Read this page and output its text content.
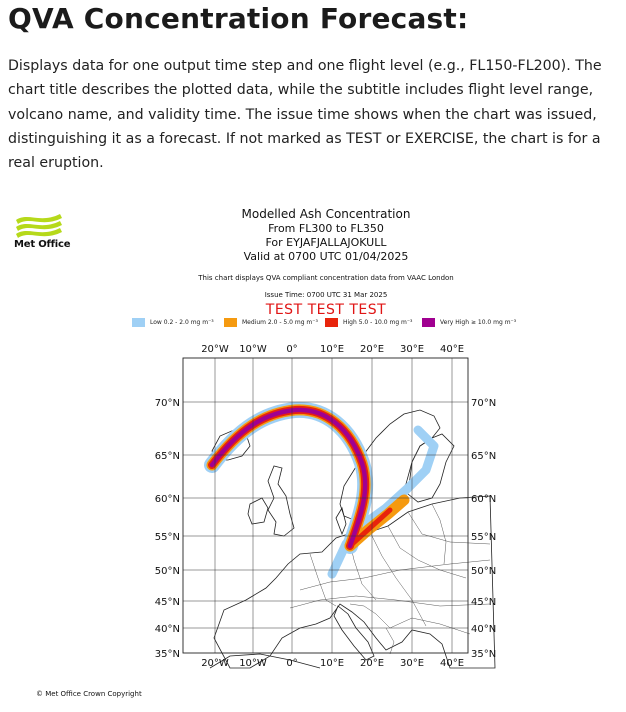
QVA Concentration Forecast:

Displays data for one output time step and one flight level (e.g., FL150-FL200). The chart title describes the plotted data, while the subtitle includes flight level range, volcano name, and validity time. The issue time shows when the chart was issued, distinguishing it as a forecast. If not marked as TEST or EXERCISE, the chart is for a real eruption.

Met Office
Modelled Ash Concentration
From FL300 to FL350
For EYJAFJALLAJOKULL
Valid at 0700 UTC 01/04/2025
This chart displays QVA compliant concentration data from VAAC London
Issue Time: 0700 UTC 31 Mar 2025
TEST TEST TEST
Low 0.2 - 2.0 mg m⁻³	Medium 2.0 - 5.0 mg m⁻³	High 5.0 - 10.0 mg m⁻³	Very High ≥ 10.0 mg m⁻³
20°W
20°W
10°W
10°W
0°
0°
10°E
10°E
20°E
20°E
30°E
30°E
40°E
40°E
70°N	70°N
65°N	65°N
60°N	60°N
55°N	55°N
50°N	50°N
45°N	45°N
40°N	40°N
35°N	35°N
© Met Office Crown Copyright
